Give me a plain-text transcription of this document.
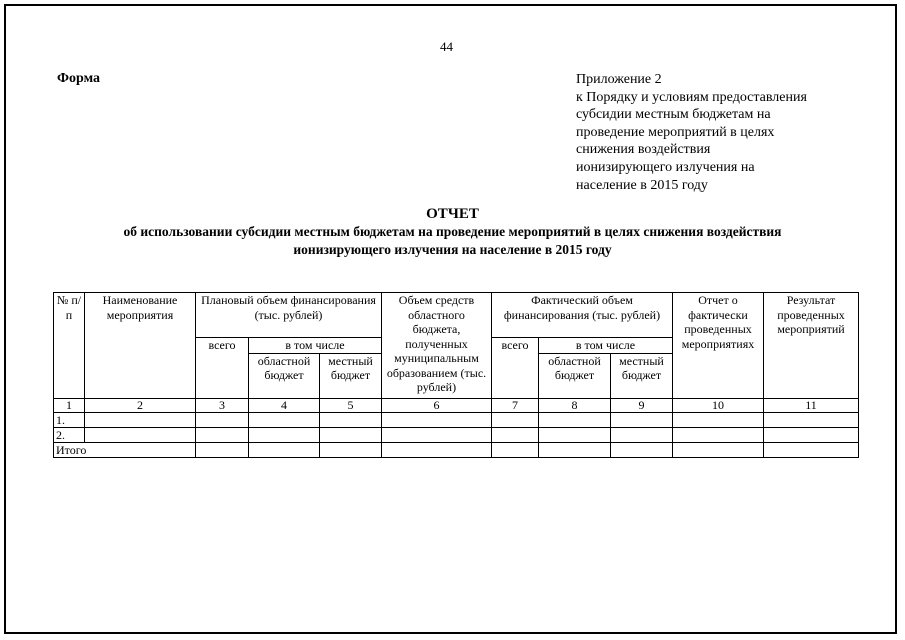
44
Форма	Приложение 2
к Порядку и условиям предоставления
субсидии местным бюджетам на
проведение мероприятий в целях
снижения воздействия
ионизирующего излучения на
население в 2015 году
ОТЧЕТ
об использовании субсидии местным бюджетам на проведение мероприятий в целях снижения воздействия
ионизирующего излучения на население в 2015 году
№ п/п	Наименование мероприятия	Плановый объем финансирования (тыс. рублей)			Объем средств областного бюджета, полученных муниципальным образованием (тыс. рублей)	Фактический объем финансирования (тыс. рублей)			Отчет о фактически проведенных мероприятиях	Результат проведенных мероприятий
		всего	в том числе			всего	в том числе			
			областной бюджет	местный бюджет			областной бюджет	местный бюджет		
1	2	3	4	5	6	7	8	9	10	11
1.										
2.										
Итого										
